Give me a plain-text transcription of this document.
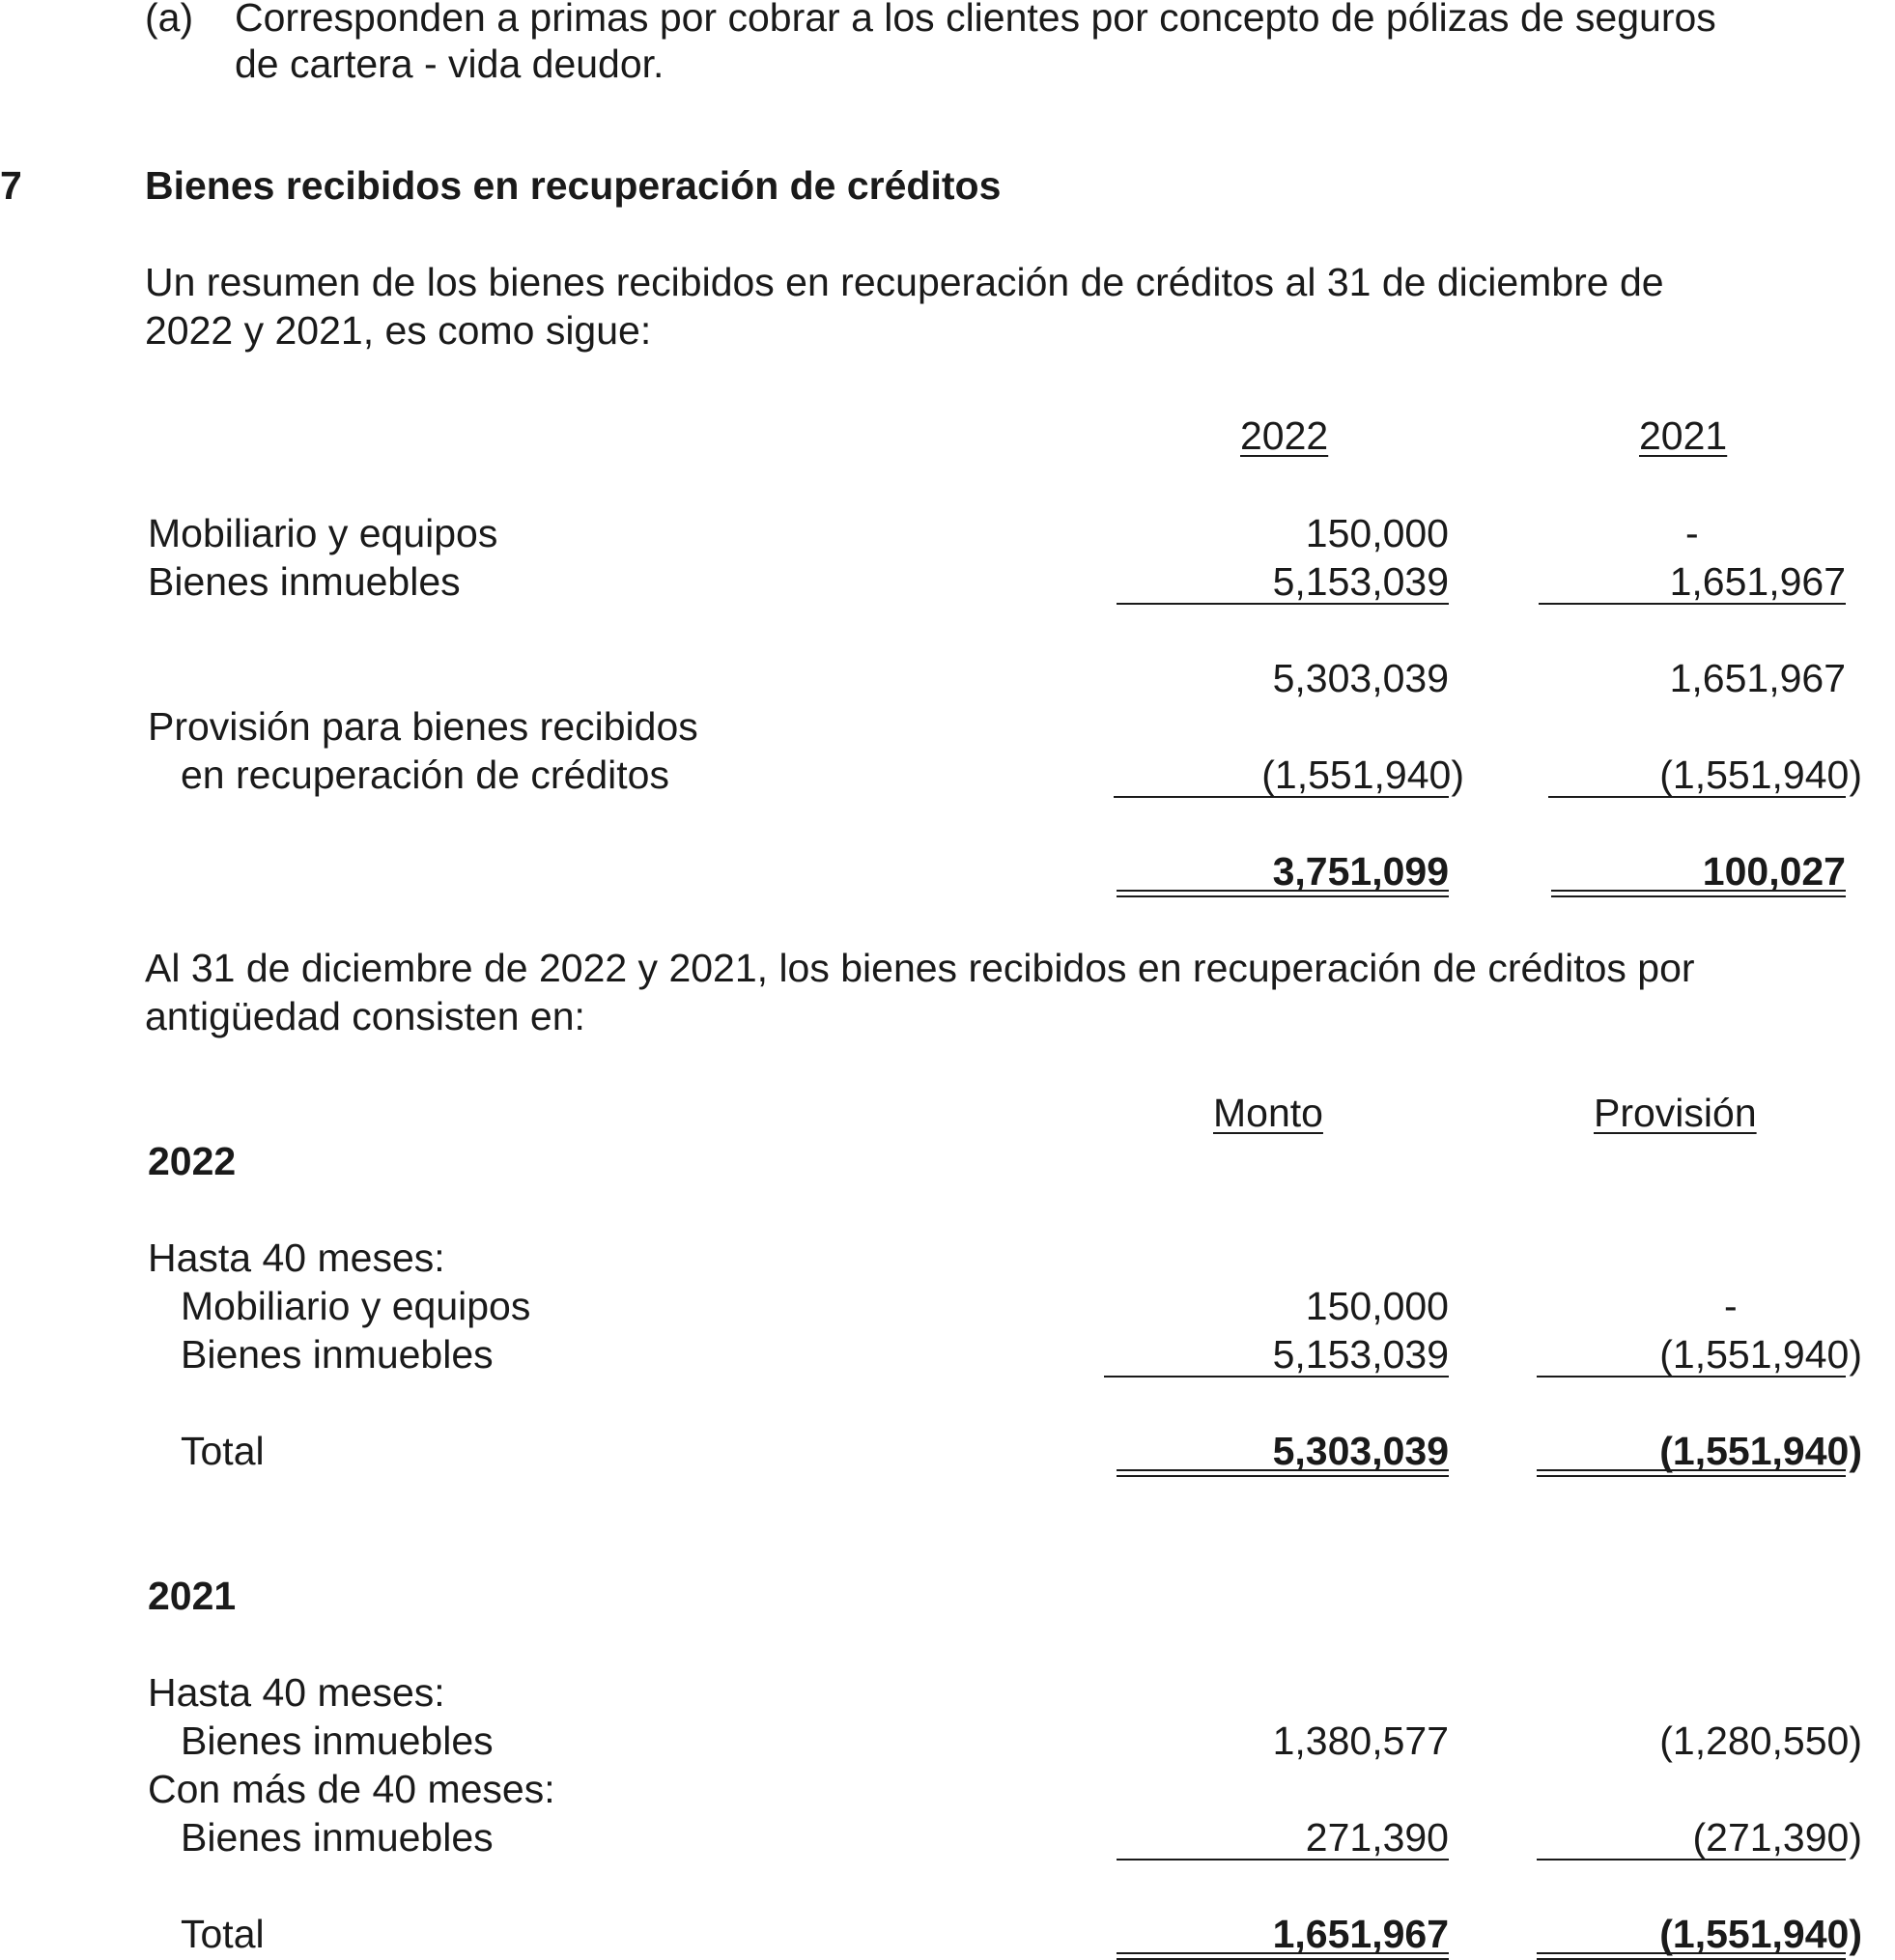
(a) Corresponden a primas por cobrar a los clientes por concepto de pólizas de seguros
de cartera - vida deudor.
7	Bienes recibidos en recuperación de créditos
Un resumen de los bienes recibidos en recuperación de créditos al 31 de diciembre de
2022 y 2021, es como sigue:
2022	2021
Mobiliario y equipos	150,000	-
Bienes inmuebles	5,153,039	1,651,967
5,303,039	1,651,967
Provisión para bienes recibidos
en recuperación de créditos	(1,551,940)	(1,551,940)
3,751,099	100,027
Al 31 de diciembre de 2022 y 2021, los bienes recibidos en recuperación de créditos por
antigüedad consisten en:
Monto	Provisión
2022
Hasta 40 meses:
Mobiliario y equipos	150,000	-
Bienes inmuebles	5,153,039	(1,551,940)
Total	5,303,039	(1,551,940)
2021
Hasta 40 meses:
Bienes inmuebles	1,380,577	(1,280,550)
Con más de 40 meses:
Bienes inmuebles	271,390	(271,390)
Total	1,651,967	(1,551,940)
